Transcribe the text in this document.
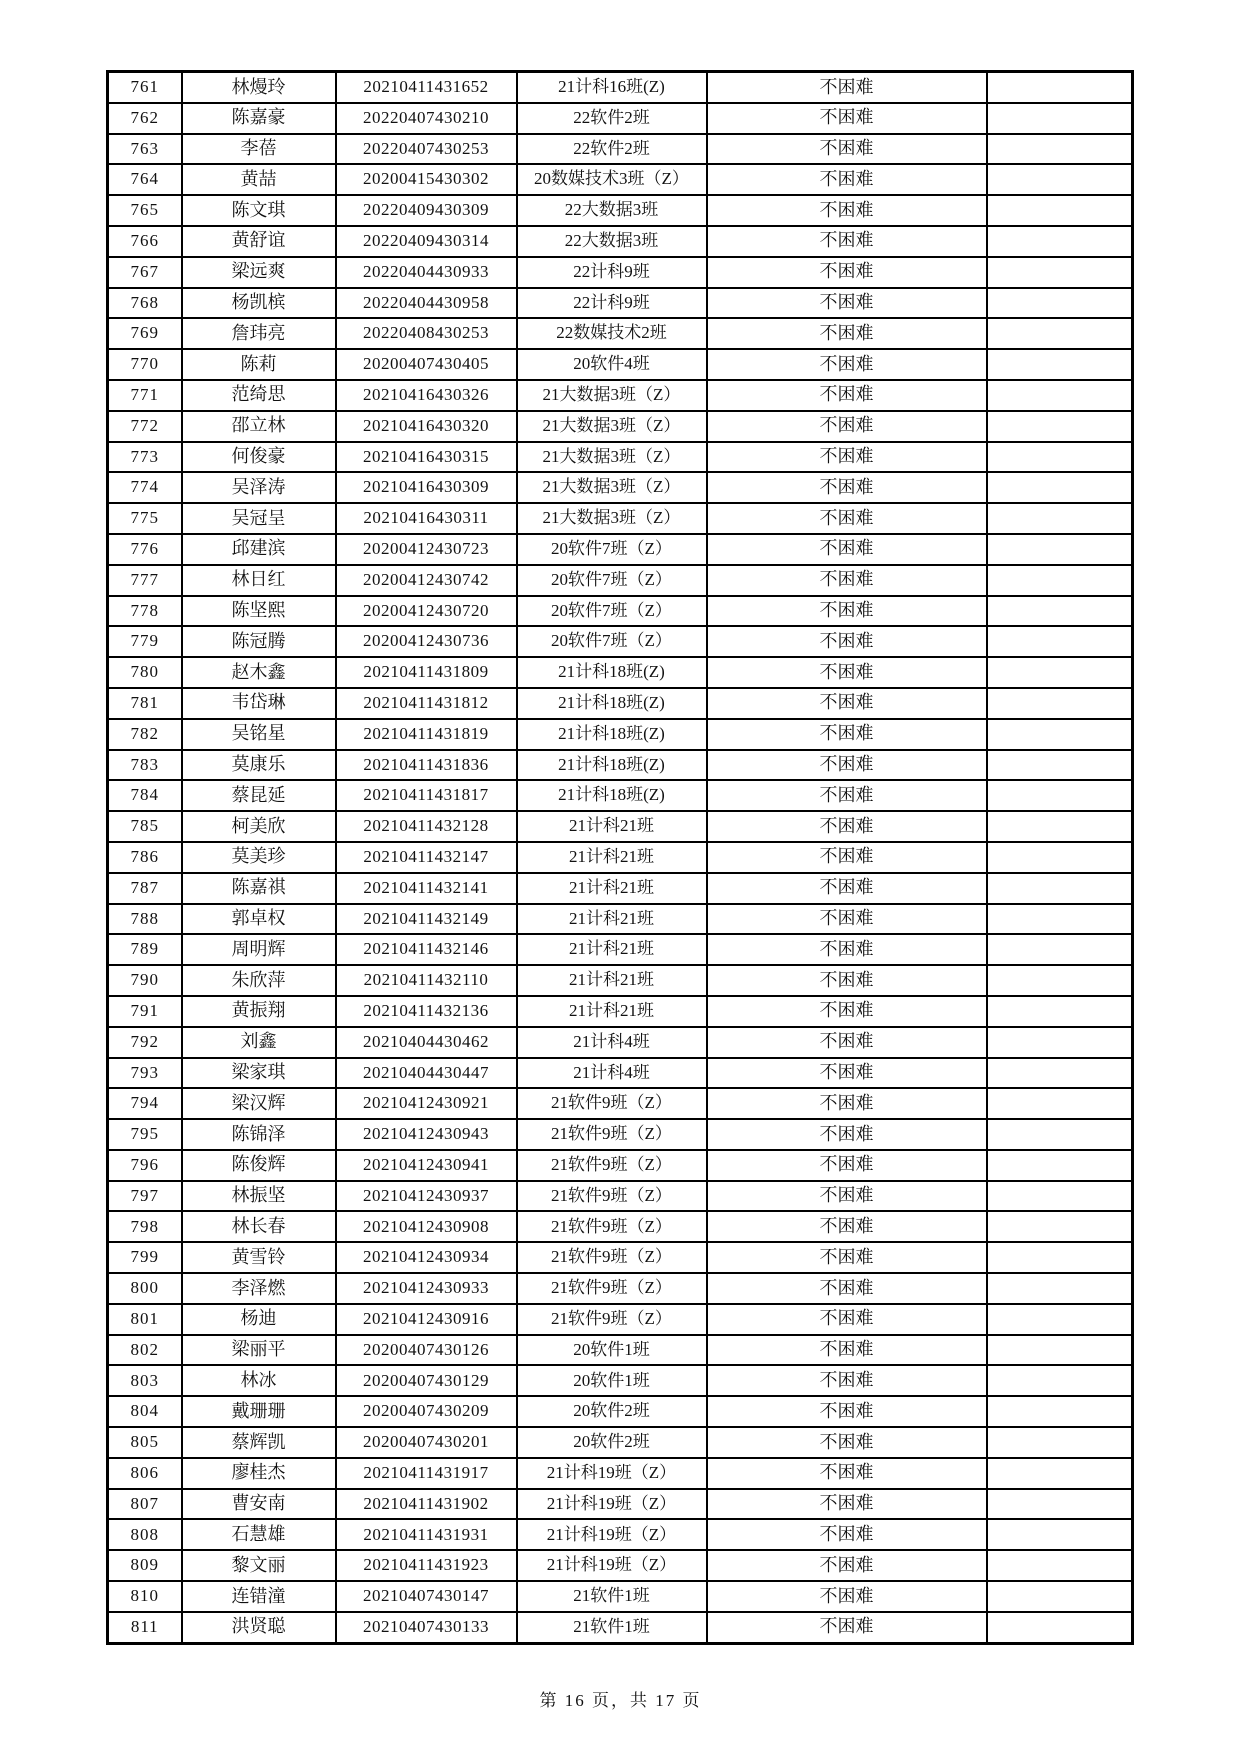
761	林熳玲	20210411431652	21计科16班(Z)	不困难	
762	陈嘉豪	20220407430210	22软件2班	不困难	
763	李蓓	20220407430253	22软件2班	不困难	
764	黄喆	20200415430302	20数媒技术3班（Z）	不困难	
765	陈文琪	20220409430309	22大数据3班	不困难	
766	黄舒谊	20220409430314	22大数据3班	不困难	
767	梁远爽	20220404430933	22计科9班	不困难	
768	杨凯槟	20220404430958	22计科9班	不困难	
769	詹玮亮	20220408430253	22数媒技术2班	不困难	
770	陈莉	20200407430405	20软件4班	不困难	
771	范绮思	20210416430326	21大数据3班（Z）	不困难	
772	邵立林	20210416430320	21大数据3班（Z）	不困难	
773	何俊豪	20210416430315	21大数据3班（Z）	不困难	
774	吴泽涛	20210416430309	21大数据3班（Z）	不困难	
775	吴冠呈	20210416430311	21大数据3班（Z）	不困难	
776	邱建滨	20200412430723	20软件7班（Z）	不困难	
777	林日红	20200412430742	20软件7班（Z）	不困难	
778	陈坚熙	20200412430720	20软件7班（Z）	不困难	
779	陈冠腾	20200412430736	20软件7班（Z）	不困难	
780	赵木鑫	20210411431809	21计科18班(Z)	不困难	
781	韦岱琳	20210411431812	21计科18班(Z)	不困难	
782	吴铭星	20210411431819	21计科18班(Z)	不困难	
783	莫康乐	20210411431836	21计科18班(Z)	不困难	
784	蔡昆延	20210411431817	21计科18班(Z)	不困难	
785	柯美欣	20210411432128	21计科21班	不困难	
786	莫美珍	20210411432147	21计科21班	不困难	
787	陈嘉祺	20210411432141	21计科21班	不困难	
788	郭卓权	20210411432149	21计科21班	不困难	
789	周明辉	20210411432146	21计科21班	不困难	
790	朱欣萍	20210411432110	21计科21班	不困难	
791	黄振翔	20210411432136	21计科21班	不困难	
792	刘鑫	20210404430462	21计科4班	不困难	
793	梁家琪	20210404430447	21计科4班	不困难	
794	梁汉辉	20210412430921	21软件9班（Z）	不困难	
795	陈锦泽	20210412430943	21软件9班（Z）	不困难	
796	陈俊辉	20210412430941	21软件9班（Z）	不困难	
797	林振坚	20210412430937	21软件9班（Z）	不困难	
798	林长春	20210412430908	21软件9班（Z）	不困难	
799	黄雪铃	20210412430934	21软件9班（Z）	不困难	
800	李泽燃	20210412430933	21软件9班（Z）	不困难	
801	杨迪	20210412430916	21软件9班（Z）	不困难	
802	梁丽平	20200407430126	20软件1班	不困难	
803	林冰	20200407430129	20软件1班	不困难	
804	戴珊珊	20200407430209	20软件2班	不困难	
805	蔡辉凯	20200407430201	20软件2班	不困难	
806	廖桂杰	20210411431917	21计科19班（Z）	不困难	
807	曹安南	20210411431902	21计科19班（Z）	不困难	
808	石慧雄	20210411431931	21计科19班（Z）	不困难	
809	黎文丽	20210411431923	21计科19班（Z）	不困难	
810	连错潼	20210407430147	21软件1班	不困难	
811	洪贤聪	20210407430133	21软件1班	不困难	
第 16 页，共 17 页
